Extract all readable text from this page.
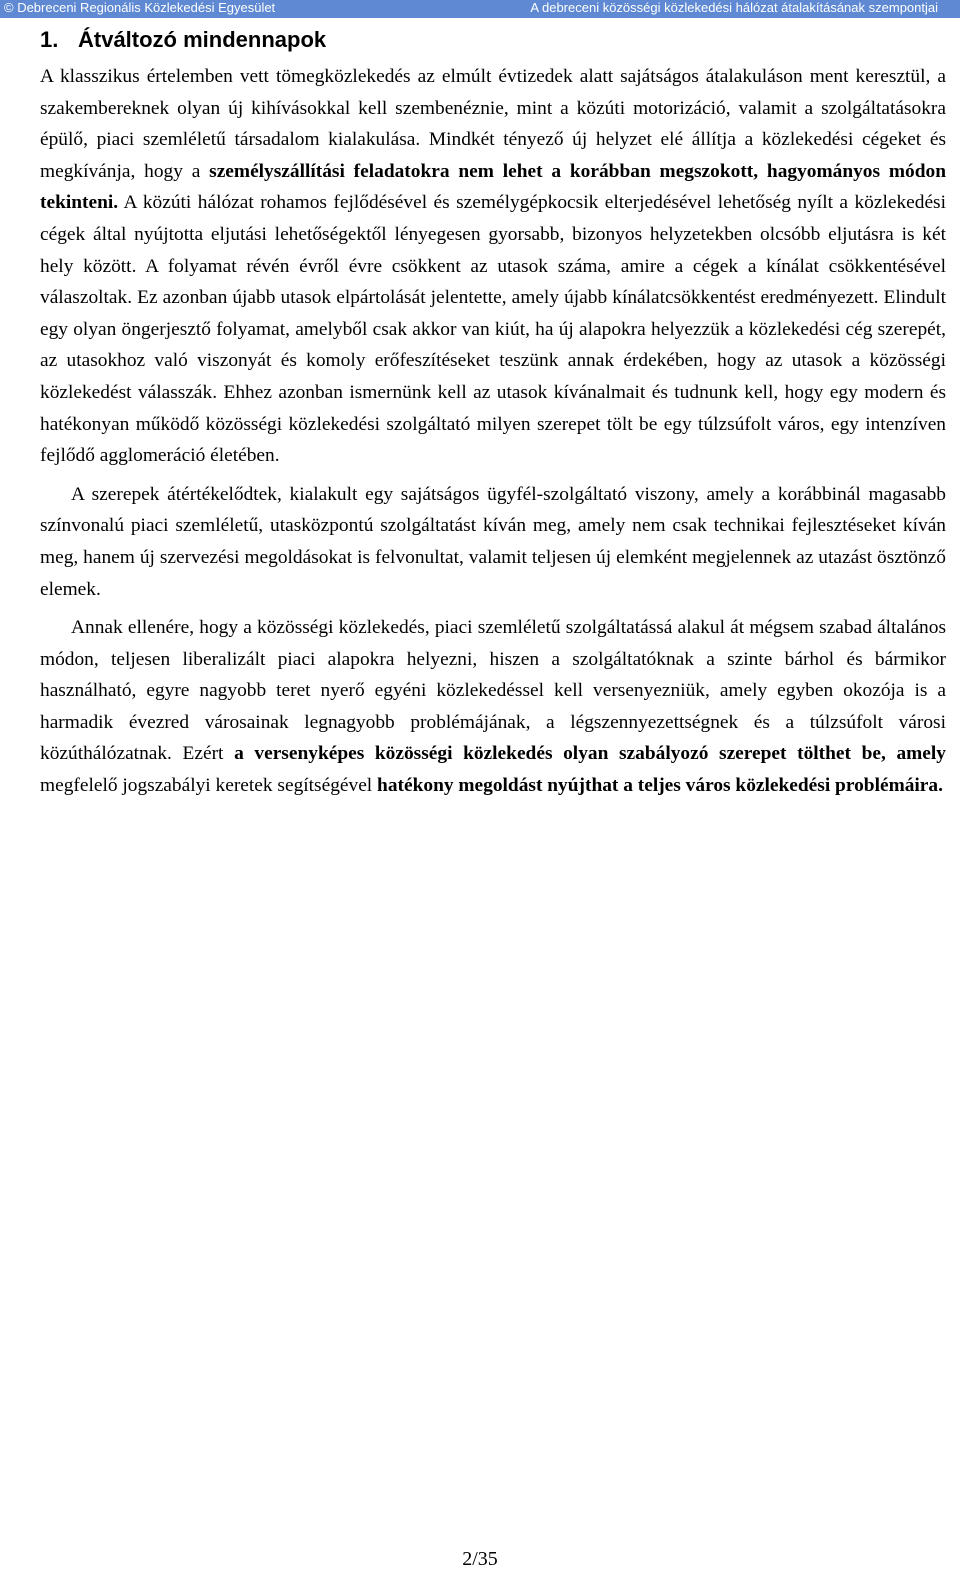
© Debreceni Regionális Közlekedési Egyesület	A debreceni közösségi közlekedési hálózat átalakításának szempontjai
1. Átváltozó mindennapok

A klasszikus értelemben vett tömegközlekedés az elmúlt évtizedek alatt sajátságos átalakuláson ment keresztül, a szakembereknek olyan új kihívásokkal kell szembenéznie, mint a közúti motorizáció, valamit a szolgáltatásokra épülő, piaci szemléletű társadalom kialakulása. Mindkét tényező új helyzet elé állítja a közlekedési cégeket és megkívánja, hogy a személyszállítási feladatokra nem lehet a korábban megszokott, hagyományos módon tekinteni. A közúti hálózat rohamos fejlődésével és személygépkocsik elterjedésével lehetőség nyílt a közlekedési cégek által nyújtotta eljutási lehetőségektől lényegesen gyorsabb, bizonyos helyzetekben olcsóbb eljutásra is két hely között. A folyamat révén évről évre csökkent az utasok száma, amire a cégek a kínálat csökkentésével válaszoltak. Ez azonban újabb utasok elpártolását jelentette, amely újabb kínálatcsökkentést eredményezett. Elindult egy olyan öngerjesztő folyamat, amelyből csak akkor van kiút, ha új alapokra helyezzük a közlekedési cég szerepét, az utasokhoz való viszonyát és komoly erőfeszítéseket teszünk annak érdekében, hogy az utasok a közösségi közlekedést válasszák. Ehhez azonban ismernünk kell az utasok kívánalmait és tudnunk kell, hogy egy modern és hatékonyan működő közösségi közlekedési szolgáltató milyen szerepet tölt be egy túlzsúfolt város, egy intenzíven fejlődő agglomeráció életében.

A szerepek átértékelődtek, kialakult egy sajátságos ügyfél-szolgáltató viszony, amely a korábbinál magasabb színvonalú piaci szemléletű, utasközpontú szolgáltatást kíván meg, amely nem csak technikai fejlesztéseket kíván meg, hanem új szervezési megoldásokat is felvonultat, valamit teljesen új elemként megjelennek az utazást ösztönző elemek.

Annak ellenére, hogy a közösségi közlekedés, piaci szemléletű szolgáltatássá alakul át mégsem szabad általános módon, teljesen liberalizált piaci alapokra helyezni, hiszen a szolgáltatóknak a szinte bárhol és bármikor használható, egyre nagyobb teret nyerő egyéni közlekedéssel kell versenyezniük, amely egyben okozója is a harmadik évezred városainak legnagyobb problémájának, a légszennyezettségnek és a túlzsúfolt városi közúthálózatnak. Ezért a versenyképes közösségi közlekedés olyan szabályozó szerepet tölthet be, amely megfelelő jogszabályi keretek segítségével hatékony megoldást nyújthat a teljes város közlekedési problémáira.

2/35
